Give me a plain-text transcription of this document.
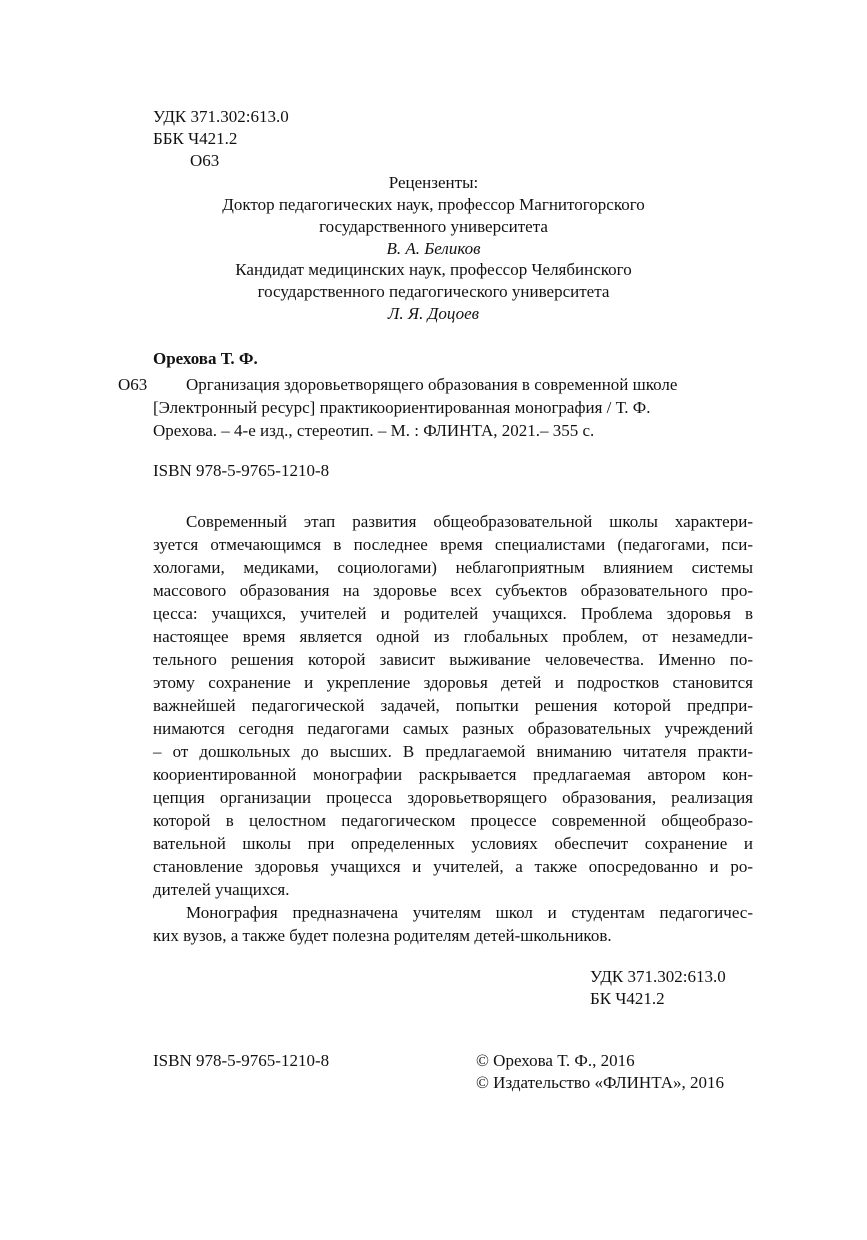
УДК 371.302:613.0
ББК Ч421.2
О63
Рецензенты:
Доктор педагогических наук, профессор Магнитогорского
государственного университета
В. А. Беликов
Кандидат медицинских наук, профессор Челябинского
государственного педагогического университета
Л. Я. Доцоев
Орехова Т. Ф.
О63 Организация здоровьетворящего образования в современной школе
[Электронный ресурс] практикоориентированная монография / Т. Ф.
Орехова. – 4-е изд., стереотип. – М. : ФЛИНТА, 2021.– 355 с.
ISBN 978-5-9765-1210-8
Современный этап развития общеобразовательной школы характери-
зуется отмечающимся в последнее время специалистами (педагогами, пси-
хологами, медиками, социологами) неблагоприятным влиянием системы
массового образования на здоровье всех субъектов образовательного про-
цесса: учащихся, учителей и родителей учащихся. Проблема здоровья в
настоящее время является одной из глобальных проблем, от незамедли-
тельного решения которой зависит выживание человечества. Именно по-
этому сохранение и укрепление здоровья детей и подростков становится
важнейшей педагогической задачей, попытки решения которой предпри-
нимаются сегодня педагогами самых разных образовательных учреждений
– от дошкольных до высших. В предлагаемой вниманию читателя практи-
коориентированной монографии раскрывается предлагаемая автором кон-
цепция организации процесса здоровьетворящего образования, реализация
которой в целостном педагогическом процессе современной общеобразо-
вательной школы при определенных условиях обеспечит сохранение и
становление здоровья учащихся и учителей, а также опосредованно и ро-
дителей учащихся.
Монография предназначена учителям школ и студентам педагогичес-
ких вузов, а также будет полезна родителям детей-школьников.
УДК 371.302:613.0
БК Ч421.2
ISBN 978-5-9765-1210-8	© Орехова Т. Ф., 2016
© Издательство «ФЛИНТА», 2016
